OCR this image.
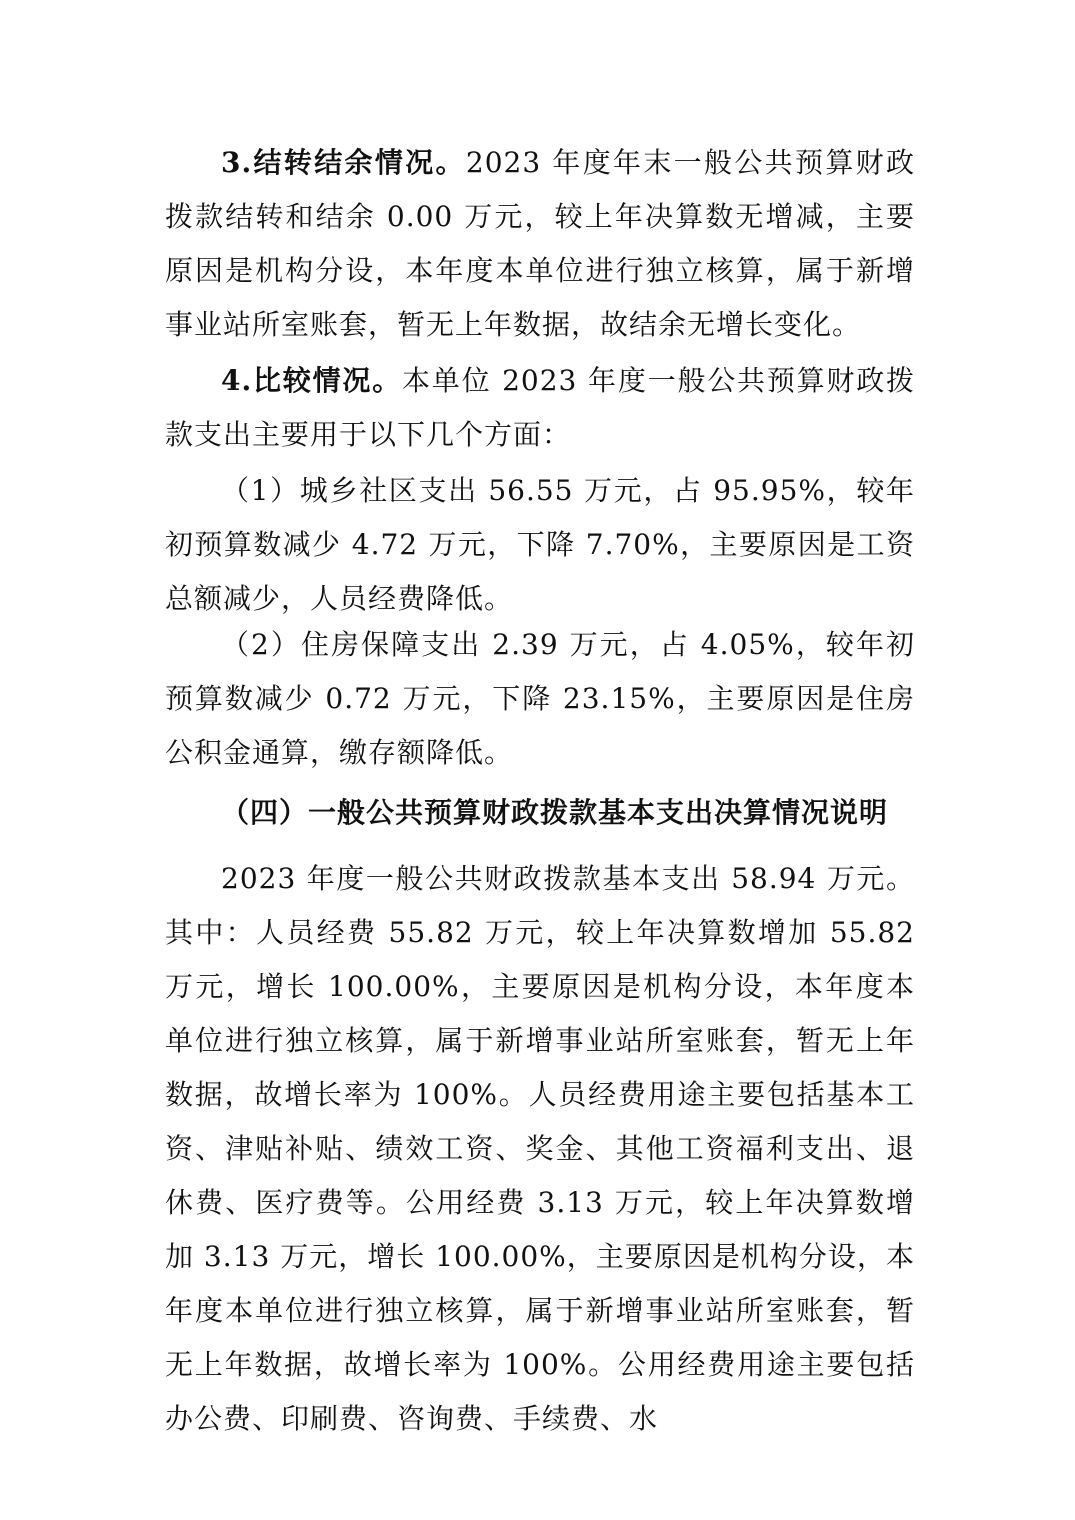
3.结转结余情况。2023 年度年末一般公共预算财政拨款结转和结余 0.00 万元，较上年决算数无增减，主要原因是机构分设，本年度本单位进行独立核算，属于新增事业站所室账套，暂无上年数据，故结余无增长变化。

4.比较情况。本单位 2023 年度一般公共预算财政拨款支出主要用于以下几个方面：

（1）城乡社区支出 56.55 万元，占 95.95%，较年初预算数减少 4.72 万元，下降 7.70%，主要原因是工资总额减少，人员经费降低。

（2）住房保障支出 2.39 万元，占 4.05%，较年初预算数减少 0.72 万元，下降 23.15%，主要原因是住房公积金通算，缴存额降低。

（四）一般公共预算财政拨款基本支出决算情况说明

2023 年度一般公共财政拨款基本支出 58.94 万元。其中：人员经费 55.82 万元，较上年决算数增加 55.82 万元，增长 100.00%，主要原因是机构分设，本年度本单位进行独立核算，属于新增事业站所室账套，暂无上年数据，故增长率为 100%。人员经费用途主要包括基本工资、津贴补贴、绩效工资、奖金、其他工资福利支出、退休费、医疗费等。公用经费 3.13 万元，较上年决算数增加 3.13 万元，增长 100.00%，主要原因是机构分设，本年度本单位进行独立核算，属于新增事业站所室账套，暂无上年数据，故增长率为 100%。公用经费用途主要包括办公费、印刷费、咨询费、手续费、水
